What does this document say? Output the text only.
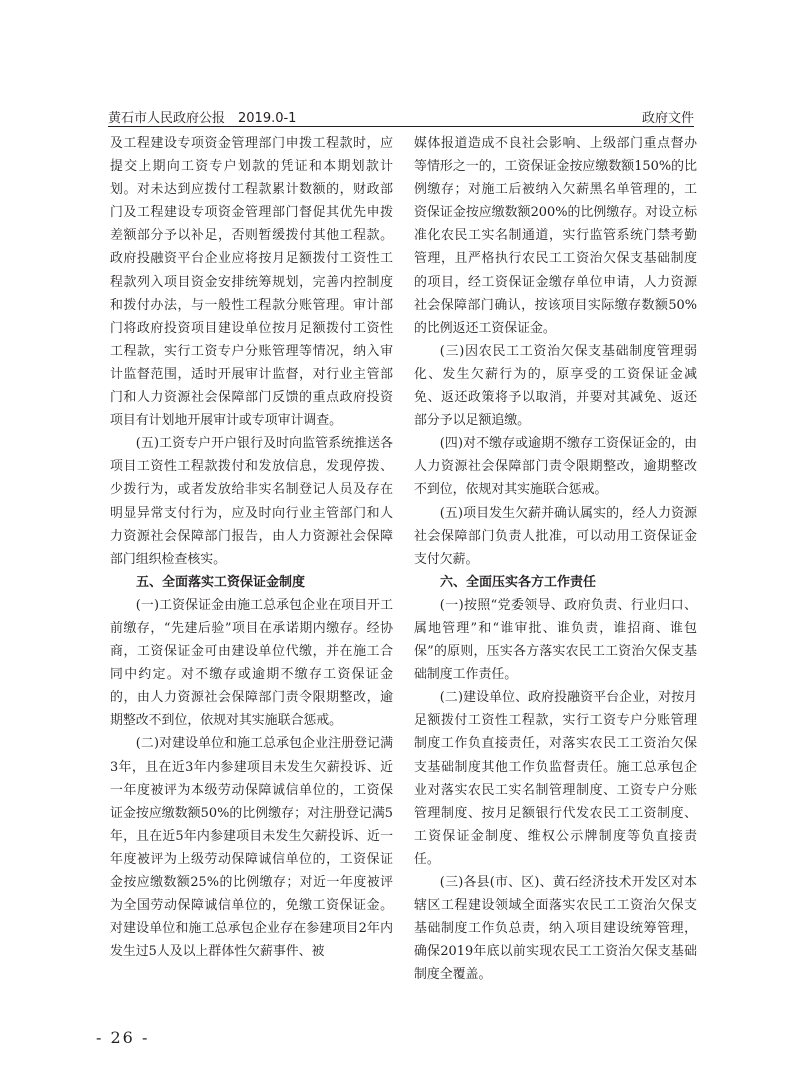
黄石市人民政府公报　2019.0-1	政府文件

及工程建设专项资金管理部门申拨工程款时，应提交上期向工资专户划款的凭证和本期划款计划。对未达到应拨付工程款累计数额的，财政部门及工程建设专项资金管理部门督促其优先申拨差额部分予以补足，否则暂缓拨付其他工程款。政府投融资平台企业应将按月足额拨付工资性工程款列入项目资金安排统筹规划，完善内控制度和拨付办法，与一般性工程款分账管理。审计部门将政府投资项目建设单位按月足额拨付工资性工程款，实行工资专户分账管理等情况，纳入审计监督范围，适时开展审计监督，对行业主管部门和人力资源社会保障部门反馈的重点政府投资项目有计划地开展审计或专项审计调查。

(五)工资专户开户银行及时向监管系统推送各项目工资性工程款拨付和发放信息，发现停拨、少拨行为，或者发放给非实名制登记人员及存在明显异常支付行为，应及时向行业主管部门和人力资源社会保障部门报告，由人力资源社会保障部门组织检查核实。

五、全面落实工资保证金制度

(一)工资保证金由施工总承包企业在项目开工前缴存，“先建后验”项目在承诺期内缴存。经协商，工资保证金可由建设单位代缴，并在施工合同中约定。对不缴存或逾期不缴存工资保证金的，由人力资源社会保障部门责令限期整改，逾期整改不到位，依规对其实施联合惩戒。

(二)对建设单位和施工总承包企业注册登记满3年，且在近3年内参建项目未发生欠薪投诉、近一年度被评为本级劳动保障诚信单位的，工资保证金按应缴数额50%的比例缴存；对注册登记满5年，且在近5年内参建项目未发生欠薪投诉、近一年度被评为上级劳动保障诚信单位的，工资保证金按应缴数额25%的比例缴存；对近一年度被评为全国劳动保障诚信单位的，免缴工资保证金。对建设单位和施工总承包企业存在参建项目2年内发生过5人及以上群体性欠薪事件、被

媒体报道造成不良社会影响、上级部门重点督办等情形之一的，工资保证金按应缴数额150%的比例缴存；对施工后被纳入欠薪黑名单管理的，工资保证金按应缴数额200%的比例缴存。对设立标准化农民工实名制通道，实行监管系统门禁考勤管理，且严格执行农民工工资治欠保支基础制度的项目，经工资保证金缴存单位申请，人力资源社会保障部门确认，按该项目实际缴存数额50%的比例返还工资保证金。

(三)因农民工工资治欠保支基础制度管理弱化、发生欠薪行为的，原享受的工资保证金减免、返还政策将予以取消，并要对其减免、返还部分予以足额追缴。

(四)对不缴存或逾期不缴存工资保证金的，由人力资源社会保障部门责令限期整改，逾期整改不到位，依规对其实施联合惩戒。

(五)项目发生欠薪并确认属实的，经人力资源社会保障部门负责人批准，可以动用工资保证金支付欠薪。

六、全面压实各方工作责任

(一)按照“党委领导、政府负责、行业归口、属地管理”和“谁审批、谁负责，谁招商、谁包保”的原则，压实各方落实农民工工资治欠保支基础制度工作责任。

(二)建设单位、政府投融资平台企业，对按月足额拨付工资性工程款，实行工资专户分账管理制度工作负直接责任，对落实农民工工资治欠保支基础制度其他工作负监督责任。施工总承包企业对落实农民工实名制管理制度、工资专户分账管理制度、按月足额银行代发农民工工资制度、工资保证金制度、维权公示牌制度等负直接责任。

(三)各县(市、区)、黄石经济技术开发区对本辖区工程建设领域全面落实农民工工资治欠保支基础制度工作负总责，纳入项目建设统筹管理，确保2019年底以前实现农民工工资治欠保支基础制度全覆盖。

- 26 -
